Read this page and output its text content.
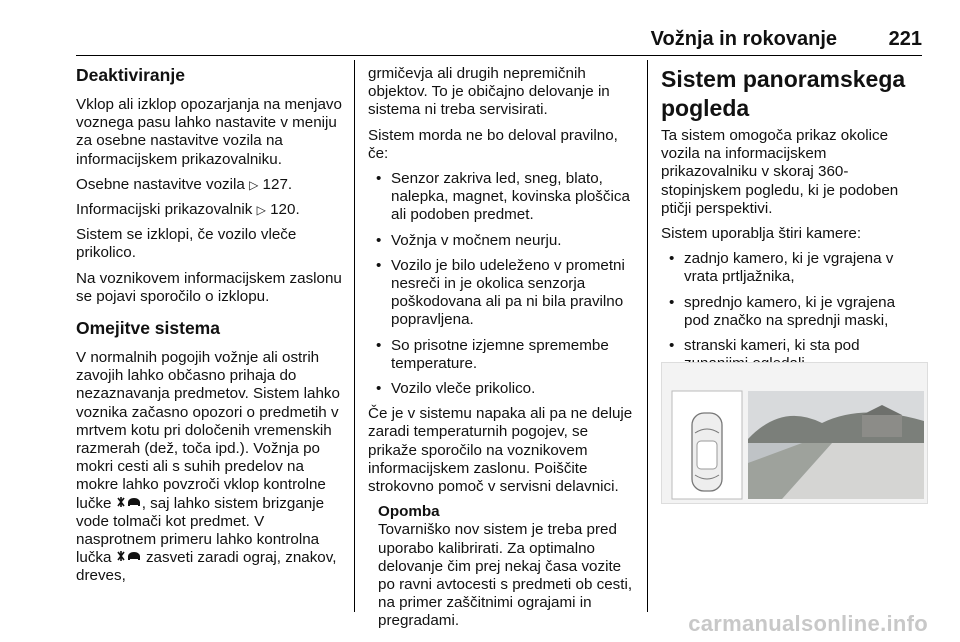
Vožnja in rokovanje	221
Deaktiviranje

Vklop ali izklop opozarjanja na menjavo voznega pasu lahko nastavite v meniju za osebne nastavitve vozila na informacijskem prikazovalniku.

Osebne nastavitve vozila ▷ 127.

Informacijski prikazovalnik ▷ 120.

Sistem se izklopi, če vozilo vleče prikolico.

Na voznikovem informacijskem zaslonu se pojavi sporočilo o izklopu.

Omejitve sistema

V normalnih pogojih vožnje ali ostrih zavojih lahko občasno prihaja do nezaznavanja predmetov. Sistem lahko voznika začasno opozori o predmetih v mrtvem kotu pri določenih vremenskih razmerah (dež, toča ipd.). Vožnja po mokri cesti ali s suhih predelov na mokre lahko povzroči vklop kontrolne lučke , saj lahko sistem brizganje vode tolmači kot predmet. V nasprotnem primeru lahko kontrolna lučka zasveti zaradi ograj, znakov, dreves,

grmičevja ali drugih nepremičnih objektov. To je običajno delovanje in sistema ni treba servisirati.

Sistem morda ne bo deloval pravilno, če:

• Senzor zakriva led, sneg, blato, nalepka, magnet, kovinska ploščica ali podoben predmet.
• Vožnja v močnem neurju.
• Vozilo je bilo udeleženo v prometni nesreči in je okolica senzorja poškodovana ali pa ni bila pravilno popravljena.
• So prisotne izjemne spremembe temperature.
• Vozilo vleče prikolico.

Če je v sistemu napaka ali pa ne deluje zaradi temperaturnih pogojev, se prikaže sporočilo na voznikovem informacijskem zaslonu. Poiščite strokovno pomoč v servisni delavnici.

Opomba
Tovarniško nov sistem je treba pred uporabo kalibrirati. Za optimalno delovanje čim prej nekaj časa vozite po ravni avtocesti s predmeti ob cesti, na primer zaščitnimi ograjami in pregradami.
Sistem panoramskega pogleda

Ta sistem omogoča prikaz okolice vozila na informacijskem prikazovalniku v skoraj 360-stopinjskem pogledu, ki je podoben ptičji perspektivi.

Sistem uporablja štiri kamere:

• zadnjo kamero, ki je vgrajena v vrata prtljažnika,
• sprednjo kamero, ki je vgrajena pod značko na sprednji maski,
• stranski kameri, ki sta pod
carmanualsonline.info
